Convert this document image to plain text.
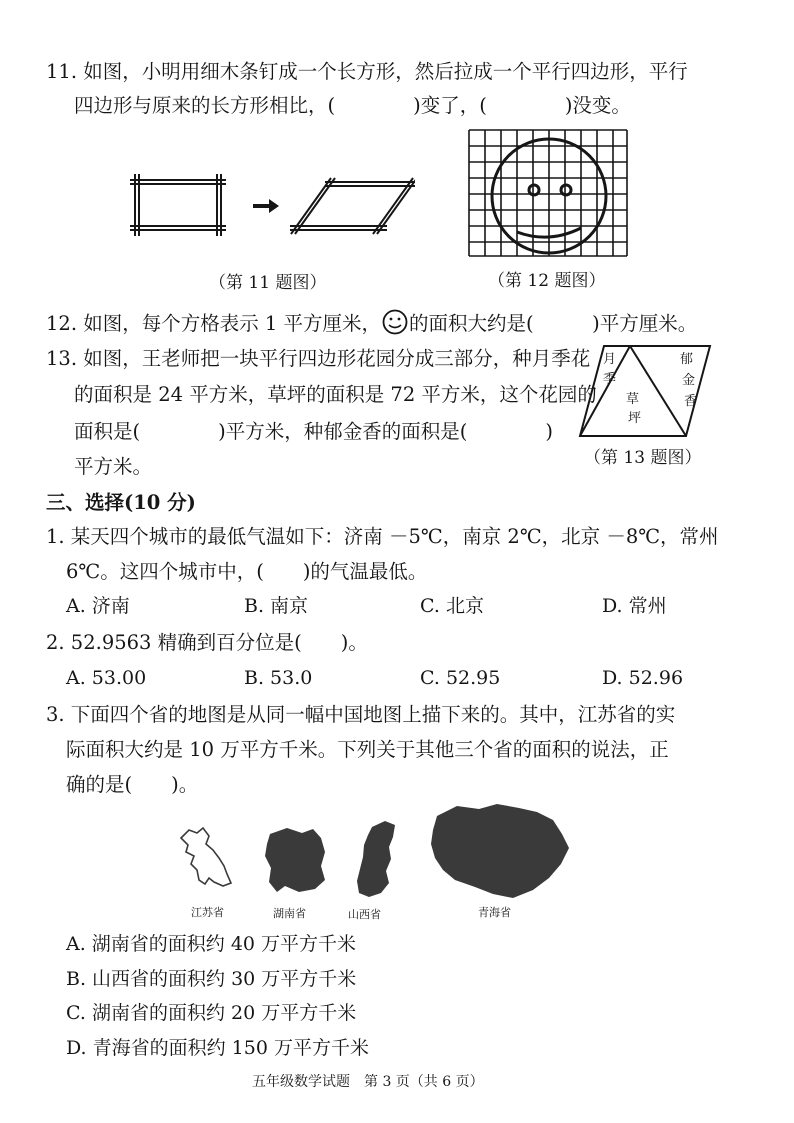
11. 如图，小明用细木条钉成一个长方形，然后拉成一个平行四边形，平行
四边形与原来的长方形相比，(　　　　)变了，(　　　　)没变。
（第 11 题图）	（第 12 题图）
12. 如图，每个方格表示 1 平方厘米， 的面积大约是(　　　)平方厘米。
13. 如图，王老师把一块平行四边形花园分成三部分，种月季花
的面积是 24 平方米，草坪的面积是 72 平方米，这个花园的
面积是(　　　　)平方米，种郁金香的面积是(　　　　)
平方米。
月
季
郁
金
香
草
坪
（第 13 题图）
三、选择(10 分)
1. 某天四个城市的最低气温如下：济南 －5℃，南京 2℃，北京 －8℃，常州
6℃。这四个城市中，(　　)的气温最低。
A. 济南	B. 南京	C. 北京	D. 常州
2. 52.9563 精确到百分位是(　　)。
A. 53.00	B. 53.0	C. 52.95	D. 52.96
3. 下面四个省的地图是从同一幅中国地图上描下来的。其中，江苏省的实
际面积大约是 10 万平方千米。下列关于其他三个省的面积的说法，正
确的是(　　)。
江苏省	湖南省	山西省	青海省
A. 湖南省的面积约 40 万平方千米
B. 山西省的面积约 30 万平方千米
C. 湖南省的面积约 20 万平方千米
D. 青海省的面积约 150 万平方千米
五年级数学试题　第 3 页（共 6 页）
